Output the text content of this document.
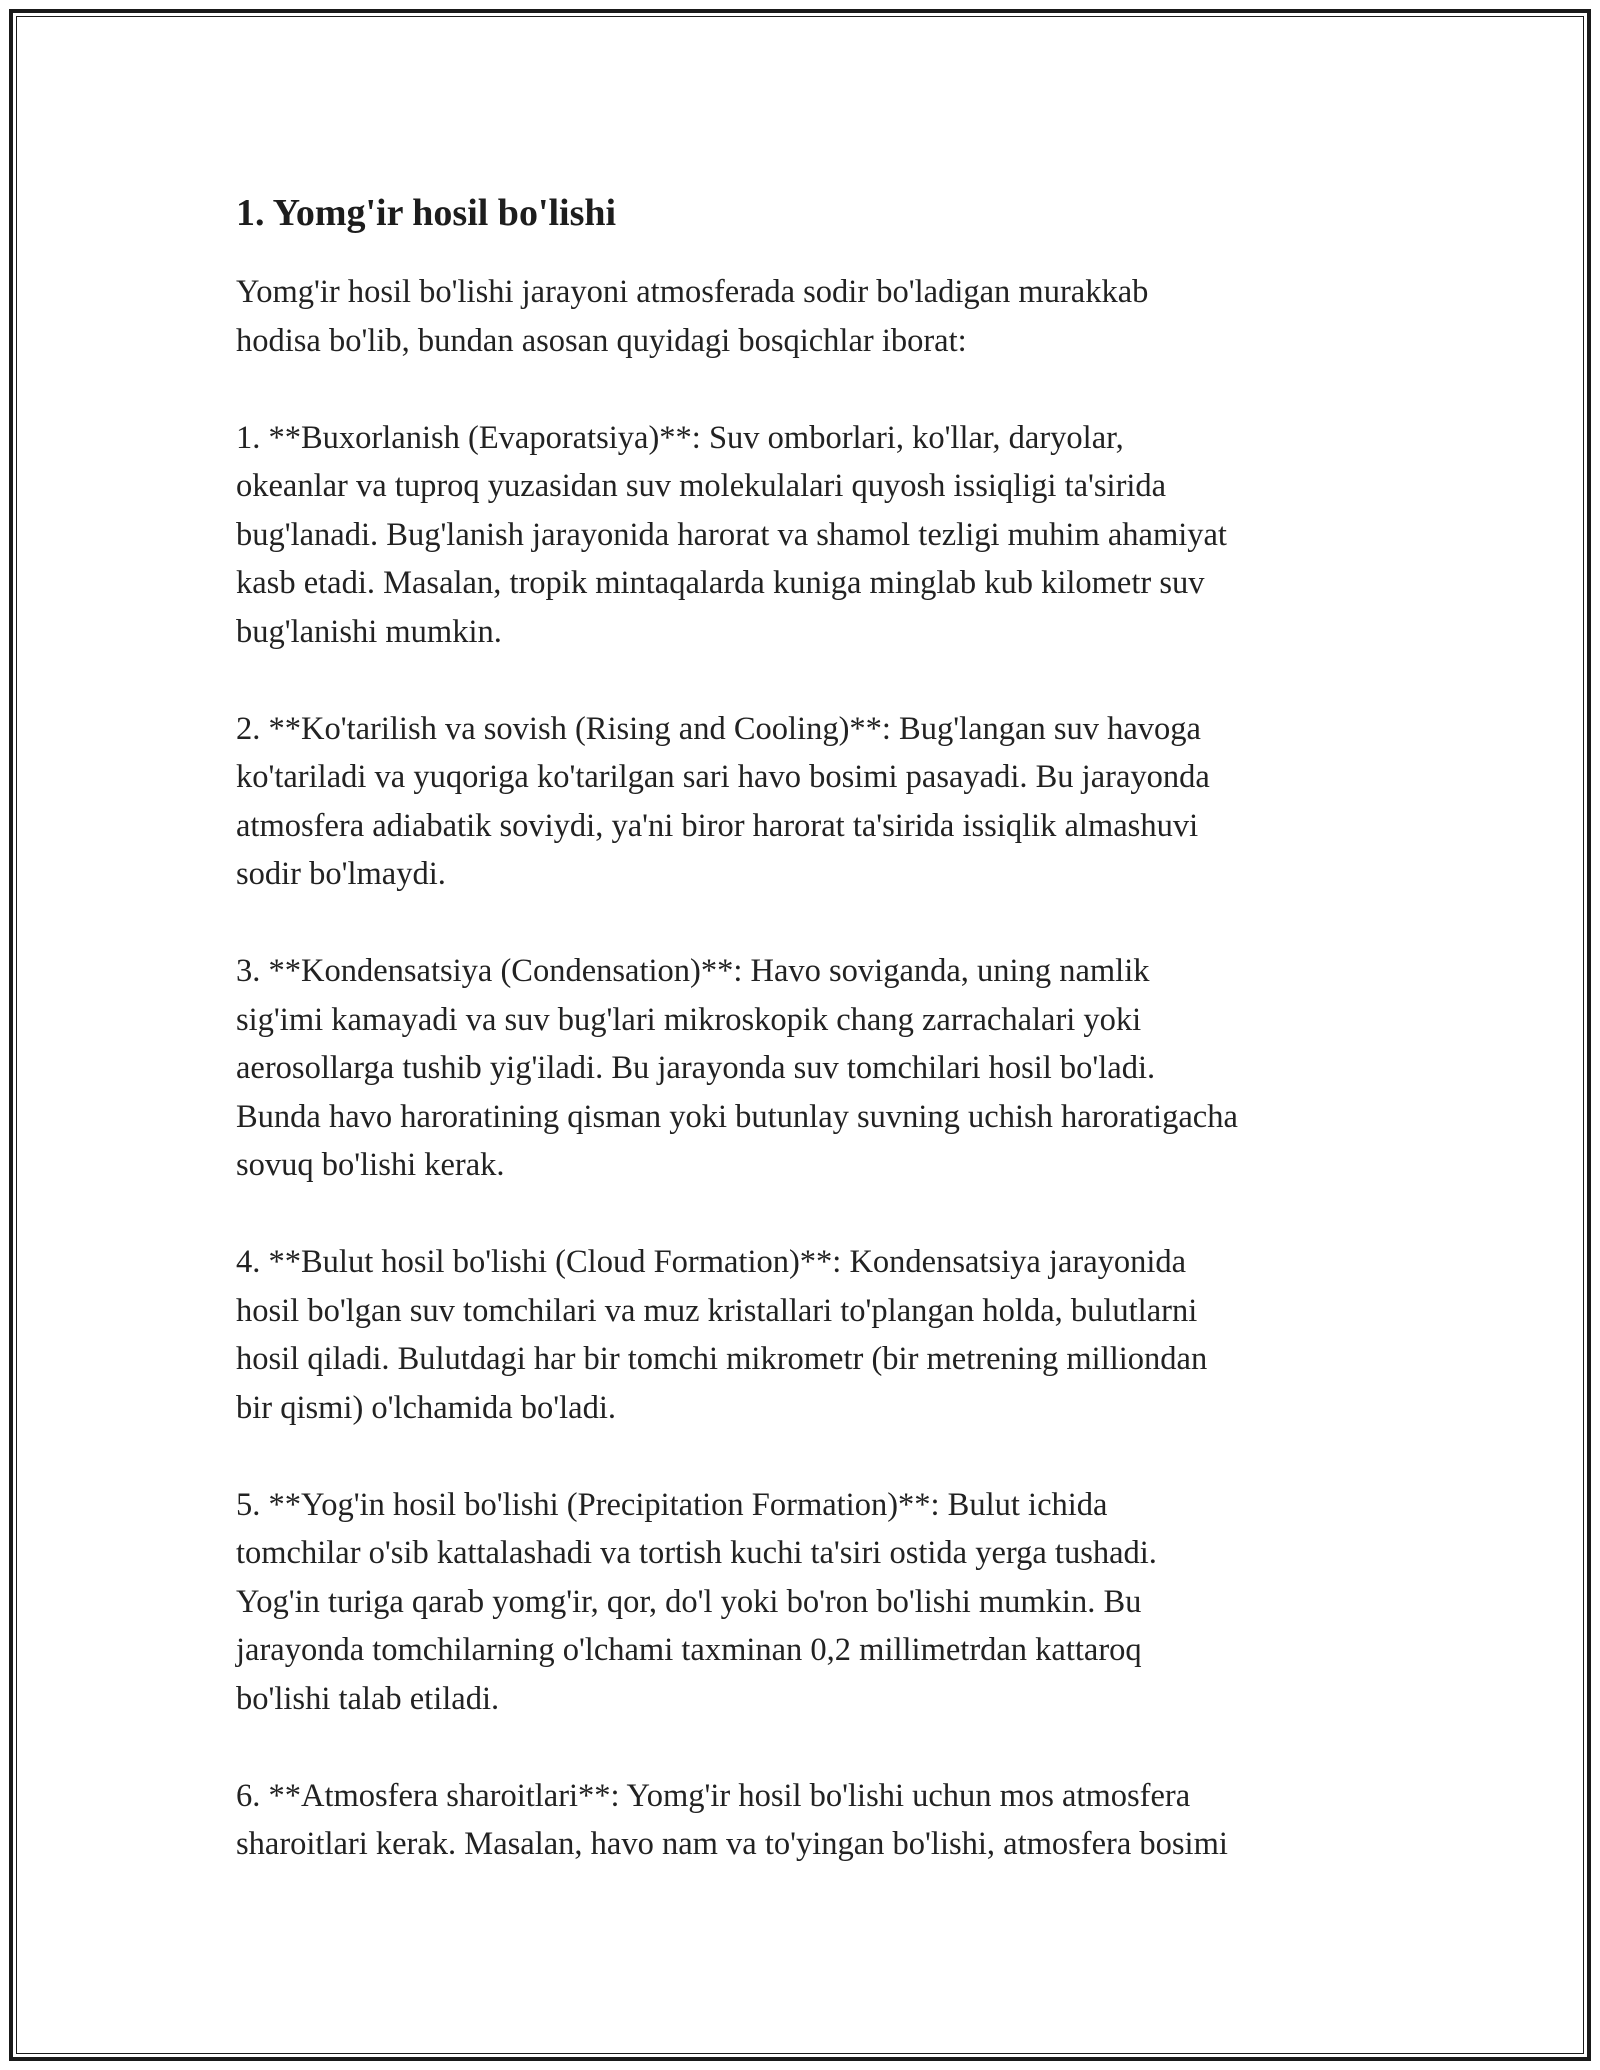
1. Yomg'ir hosil bo'lishi

Yomg'ir hosil bo'lishi jarayoni atmosferada sodir bo'ladigan murakkab
hodisa bo'lib, bundan asosan quyidagi bosqichlar iborat:

1. **Buxorlanish (Evaporatsiya)**: Suv omborlari, ko'llar, daryolar,
okeanlar va tuproq yuzasidan suv molekulalari quyosh issiqligi ta'sirida
bug'lanadi. Bug'lanish jarayonida harorat va shamol tezligi muhim ahamiyat
kasb etadi. Masalan, tropik mintaqalarda kuniga minglab kub kilometr suv
bug'lanishi mumkin.

2. **Ko'tarilish va sovish (Rising and Cooling)**: Bug'langan suv havoga
ko'tariladi va yuqoriga ko'tarilgan sari havo bosimi pasayadi. Bu jarayonda
atmosfera adiabatik soviydi, ya'ni biror harorat ta'sirida issiqlik almashuvi
sodir bo'lmaydi.

3. **Kondensatsiya (Condensation)**: Havo soviganda, uning namlik
sig'imi kamayadi va suv bug'lari mikroskopik chang zarrachalari yoki
aerosollarga tushib yig'iladi. Bu jarayonda suv tomchilari hosil bo'ladi.
Bunda havo haroratining qisman yoki butunlay suvning uchish haroratigacha
sovuq bo'lishi kerak.

4. **Bulut hosil bo'lishi (Cloud Formation)**: Kondensatsiya jarayonida
hosil bo'lgan suv tomchilari va muz kristallari to'plangan holda, bulutlarni
hosil qiladi. Bulutdagi har bir tomchi mikrometr (bir metrening milliondan
bir qismi) o'lchamida bo'ladi.

5. **Yog'in hosil bo'lishi (Precipitation Formation)**: Bulut ichida
tomchilar o'sib kattalashadi va tortish kuchi ta'siri ostida yerga tushadi.
Yog'in turiga qarab yomg'ir, qor, do'l yoki bo'ron bo'lishi mumkin. Bu
jarayonda tomchilarning o'lchami taxminan 0,2 millimetrdan kattaroq
bo'lishi talab etiladi.

6. **Atmosfera sharoitlari**: Yomg'ir hosil bo'lishi uchun mos atmosfera
sharoitlari kerak. Masalan, havo nam va to'yingan bo'lishi, atmosfera bosimi
